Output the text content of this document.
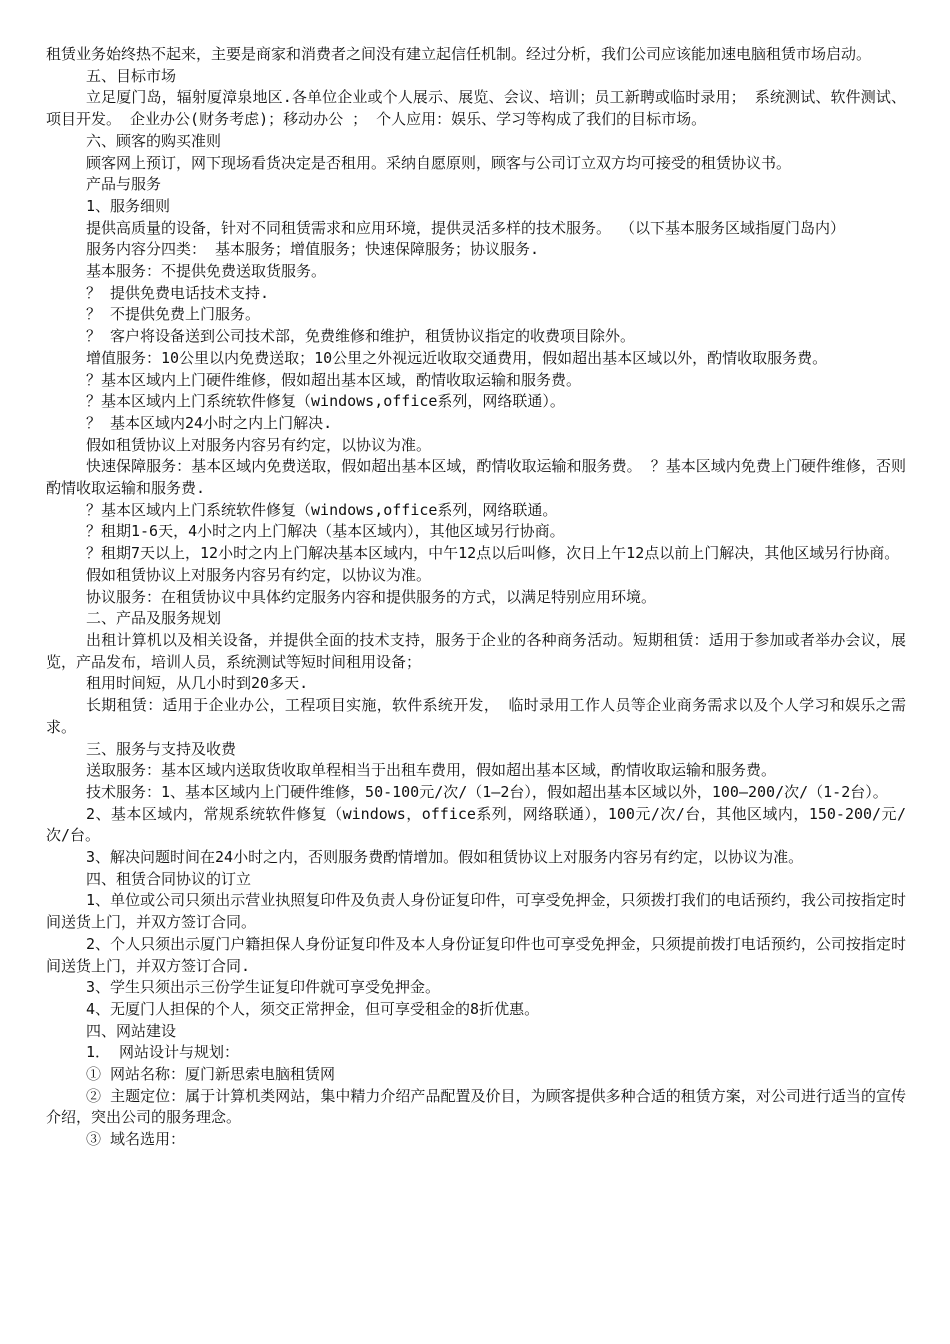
租赁业务始终热不起来，主要是商家和消费者之间没有建立起信任机制。经过分析，我们公司应该能加速电脑租赁市场启动。

五、目标市场

立足厦门岛，辐射厦漳泉地区.各单位企业或个人展示、展览、会议、培训；员工新聘或临时录用； 系统测试、软件测试、项目开发。 企业办公(财务考虑)；移动办公 ； 个人应用：娱乐、学习等构成了我们的目标市场。

六、顾客的购买准则

顾客网上预订，网下现场看货决定是否租用。采纳自愿原则，顾客与公司订立双方均可接受的租赁协议书。

产品与服务

1、服务细则

提供高质量的设备，针对不同租赁需求和应用环境，提供灵活多样的技术服务。 （以下基本服务区域指厦门岛内）

服务内容分四类： 基本服务；增值服务；快速保障服务；协议服务.

基本服务：不提供免费送取货服务。

？ 提供免费电话技术支持.

？ 不提供免费上门服务。

？ 客户将设备送到公司技术部，免费维修和维护，租赁协议指定的收费项目除外。

增值服务：10公里以内免费送取；10公里之外视远近收取交通费用，假如超出基本区域以外，酌情收取服务费。

？基本区域内上门硬件维修，假如超出基本区域，酌情收取运输和服务费。

？基本区域内上门系统软件修复（windows,office系列，网络联通）。

？ 基本区域内24小时之内上门解决.

假如租赁协议上对服务内容另有约定，以协议为准。

快速保障服务：基本区域内免费送取，假如超出基本区域，酌情收取运输和服务费。 ？基本区域内免费上门硬件维修，否则酌情收取运输和服务费.

？基本区域内上门系统软件修复（windows,office系列，网络联通。

？租期1-6天，4小时之内上门解决（基本区域内），其他区域另行协商。

？租期7天以上，12小时之内上门解决基本区域内，中午12点以后叫修，次日上午12点以前上门解决，其他区域另行协商。

假如租赁协议上对服务内容另有约定，以协议为准。

协议服务：在租赁协议中具体约定服务内容和提供服务的方式，以满足特别应用环境。

二、产品及服务规划

出租计算机以及相关设备，并提供全面的技术支持，服务于企业的各种商务活动。短期租赁：适用于参加或者举办会议，展览，产品发布，培训人员，系统测试等短时间租用设备；

租用时间短，从几小时到20多天.

长期租赁：适用于企业办公，工程项目实施，软件系统开发， 临时录用工作人员等企业商务需求以及个人学习和娱乐之需求。

三、服务与支持及收费

送取服务：基本区域内送取货收取单程相当于出租车费用，假如超出基本区域，酌情收取运输和服务费。

技术服务：1、基本区域内上门硬件维修，50-100元/次/（1—2台），假如超出基本区域以外，100—200/次/（1-2台）。

2、基本区域内，常规系统软件修复（windows，office系列，网络联通），100元/次/台，其他区域内，150-200/元/次/台。

3、解决问题时间在24小时之内，否则服务费酌情增加。假如租赁协议上对服务内容另有约定，以协议为准。

四、租赁合同协议的订立

1、单位或公司只须出示营业执照复印件及负责人身份证复印件，可享受免押金，只须拨打我们的电话预约，我公司按指定时间送货上门，并双方签订合同。

2、个人只须出示厦门户籍担保人身份证复印件及本人身份证复印件也可享受免押金，只须提前拨打电话预约，公司按指定时间送货上门，并双方签订合同.

3、学生只须出示三份学生证复印件就可享受免押金。

4、无厦门人担保的个人，须交正常押金，但可享受租金的8折优惠。

四、网站建设

1． 网站设计与规划：

① 网站名称：厦门新思索电脑租赁网

② 主题定位：属于计算机类网站，集中精力介绍产品配置及价目，为顾客提供多种合适的租赁方案，对公司进行适当的宣传介绍，突出公司的服务理念。

③ 域名选用：
